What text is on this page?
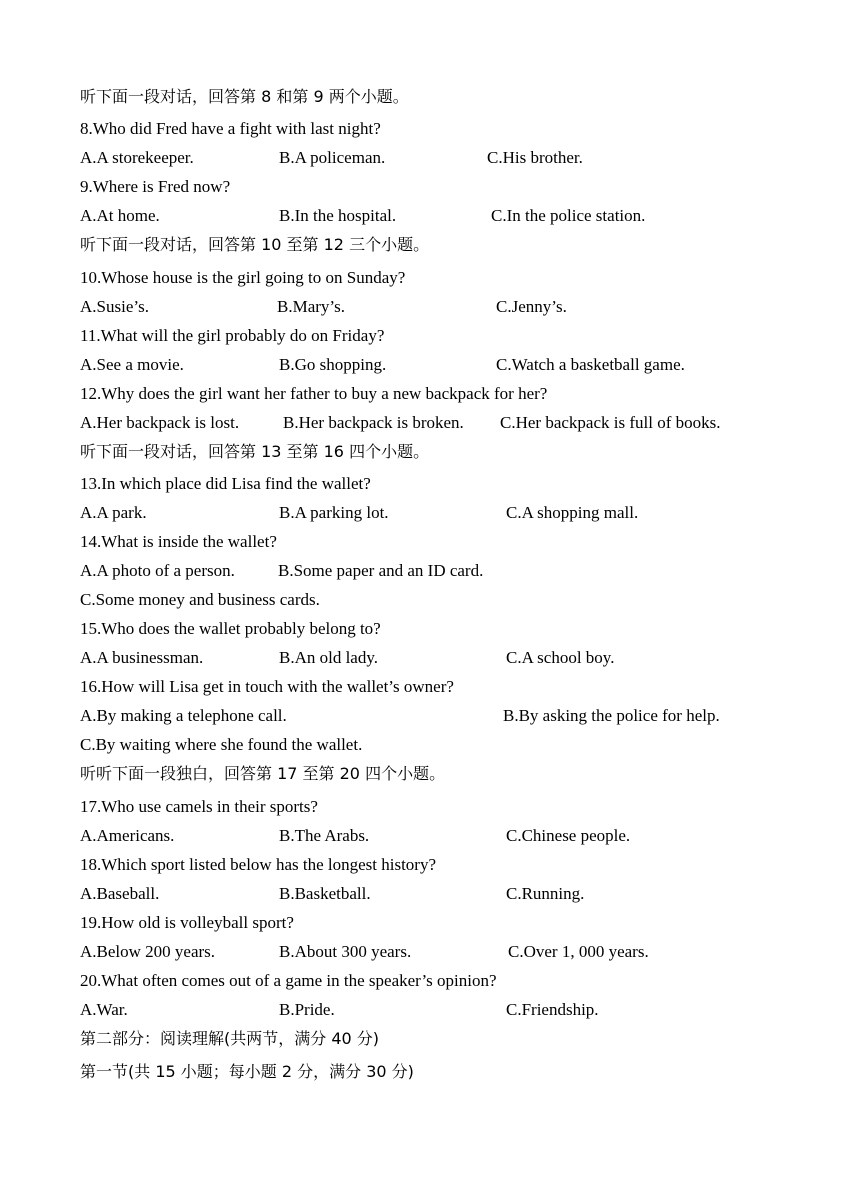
听下面一段对话，回答第 8 和第 9 两个小题。
8.Who did Fred have a fight with last night?
A.A storekeeper.	B.A policeman.	C.His brother.
9.Where is Fred now?
A.At home.	B.In the hospital.	C.In the police station.
听下面一段对话，回答第 10 至第 12 三个小题。
10.Whose house is the girl going to on Sunday?
A.Susie’s.	B.Mary’s.	C.Jenny’s.
11.What will the girl probably do on Friday?
A.See a movie.	B.Go shopping.	C.Watch a basketball game.
12.Why does the girl want her father to buy a new backpack for her?
A.Her backpack is lost.	B.Her backpack is broken. C.Her backpack is full of books.
听下面一段对话，回答第 13 至第 16 四个小题。
13.In which place did Lisa find the wallet?
A.A park.	B.A parking lot.	C.A shopping mall.
14.What is inside the wallet?
A.A photo of a person.	B.Some paper and an ID card.
C.Some money and business cards.
15.Who does the wallet probably belong to?
A.A businessman.	B.An old lady.	C.A school boy.
16.How will Lisa get in touch with the wallet’s owner?
A.By making a telephone call.	B.By asking the police for help.
C.By waiting where she found the wallet.
听听下面一段独白，回答第 17 至第 20 四个小题。
17.Who use camels in their sports?
A.Americans.	B.The Arabs.	C.Chinese people.
18.Which sport listed below has the longest history?
A.Baseball.	B.Basketball.	C.Running.
19.How old is volleyball sport?
A.Below 200 years.	B.About 300 years.	C.Over 1, 000 years.
20.What often comes out of a game in the speaker’s opinion?
A.War.	B.Pride.	C.Friendship.
第二部分：阅读理解(共两节，满分 40 分)
第一节(共 15 小题；每小题 2 分，满分 30 分)
